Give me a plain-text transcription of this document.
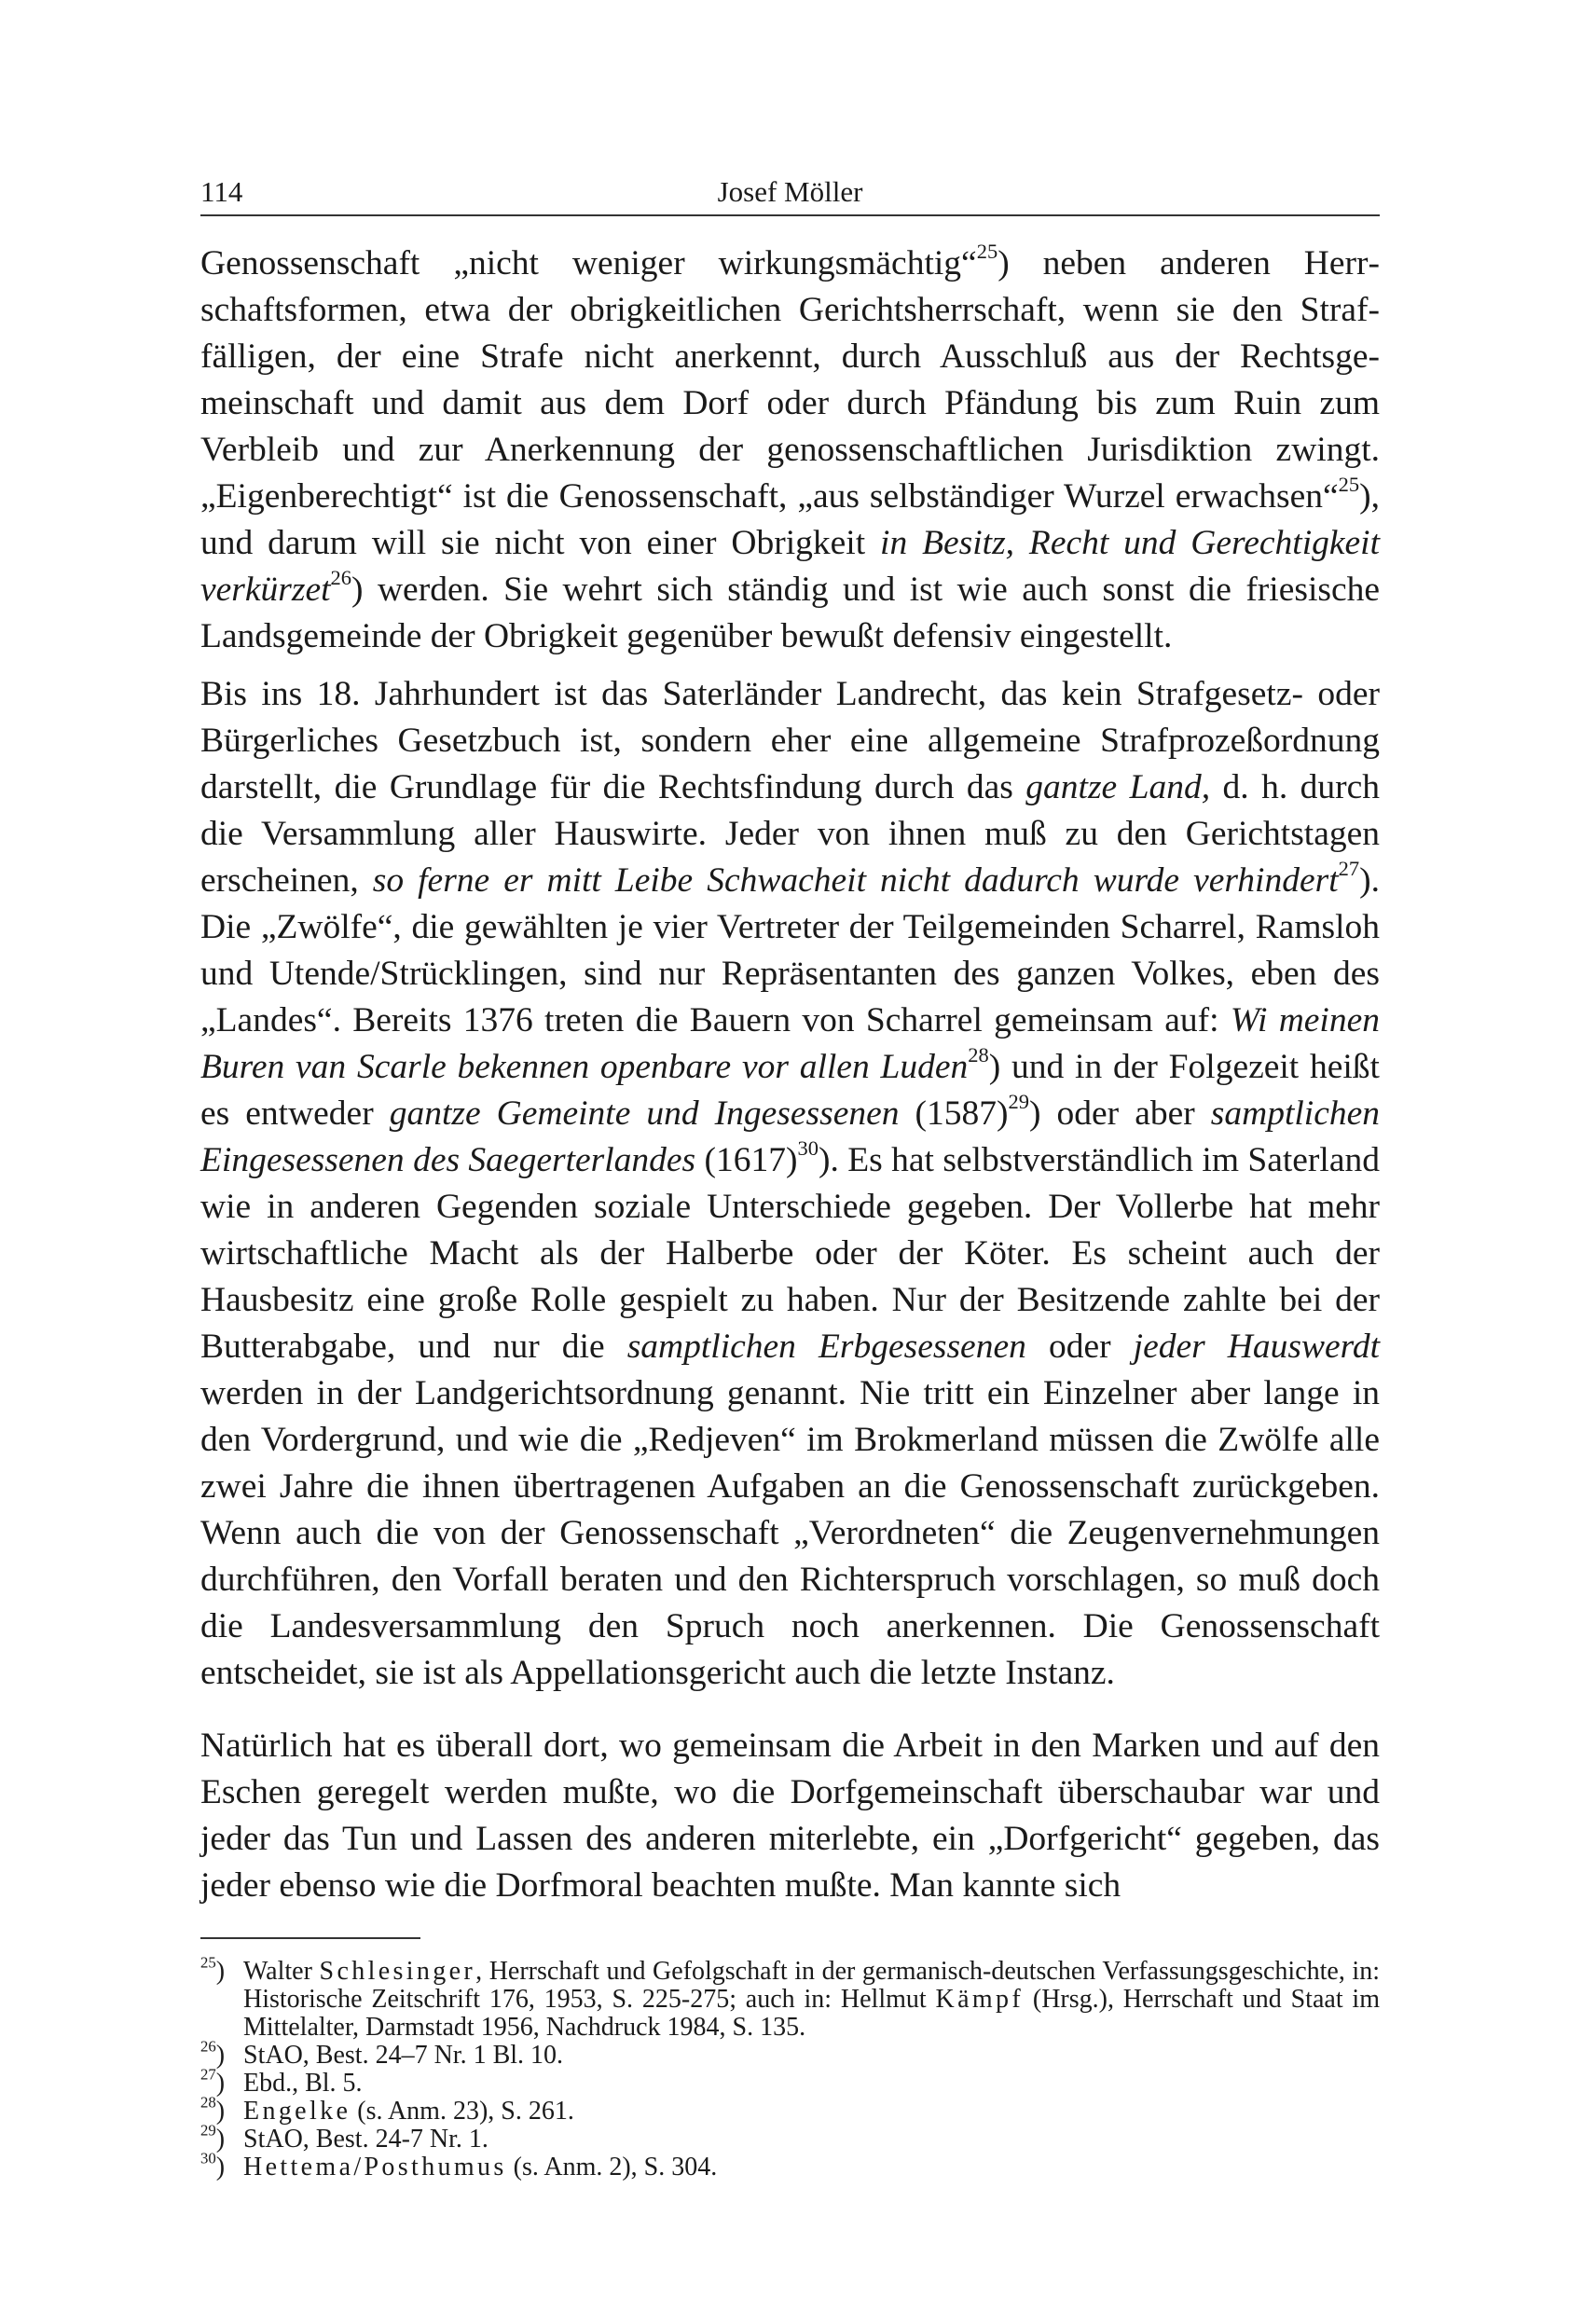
114	Josef Möller

Genossenschaft „nicht weniger wirkungsmächtig“$^{25}$) neben anderen Herrschaftsformen, etwa der obrigkeitlichen Gerichtsherrschaft, wenn sie den Straffälligen, der eine Strafe nicht anerkennt, durch Ausschluß aus der Rechtsgemeinschaft und damit aus dem Dorf oder durch Pfändung bis zum Ruin zum Verbleib und zur Anerkennung der genossenschaftlichen Jurisdiktion zwingt. „Eigenberechtigt“ ist die Genossenschaft, „aus selbständiger Wurzel erwachsen“$^{25}$), und darum will sie nicht von einer Obrigkeit in Besitz, Recht und Gerechtigkeit verkürzet$^{26}$) werden. Sie wehrt sich ständig und ist wie auch sonst die friesische Landsgemeinde der Obrigkeit gegenüber bewußt defensiv eingestellt.

Bis ins 18. Jahrhundert ist das Saterländer Landrecht, das kein Strafgesetz- oder Bürgerliches Gesetzbuch ist, sondern eher eine allgemeine Strafprozeßordnung darstellt, die Grundlage für die Rechtsfindung durch das gantze Land, d. h. durch die Versammlung aller Hauswirte. Jeder von ihnen muß zu den Gerichtstagen erscheinen, so ferne er mitt Leibe Schwacheit nicht dadurch wurde verhindert$^{27}$). Die „Zwölfe“, die gewählten je vier Vertreter der Teilgemeinden Scharrel, Ramsloh und Utende/Strücklingen, sind nur Repräsentanten des ganzen Volkes, eben des „Landes“. Bereits 1376 treten die Bauern von Scharrel gemeinsam auf: Wi meinen Buren van Scarle bekennen openbare vor allen Luden$^{28}$) und in der Folgezeit heißt es entweder gantze Gemeinte und Ingesessenen $(1587)^{29}$) oder aber samptlichen Eingesessenen des Saegerterlandes $(1617)^{30}$). Es hat selbstverständlich im Saterland wie in anderen Gegenden soziale Unterschiede gegeben. Der Vollerbe hat mehr wirtschaftliche Macht als der Halberbe oder der Köter. Es scheint auch der Hausbesitz eine große Rolle gespielt zu haben. Nur der Besitzende zahlte bei der Butterabgabe, und nur die samptlichen Erbgesessenen oder jeder Hauswerdt werden in der Landgerichtsordnung genannt. Nie tritt ein Einzelner aber lange in den Vordergrund, und wie die „Redjeven“ im Brokmerland müssen die Zwölfe alle zwei Jahre die ihnen übertragenen Aufgaben an die Genossenschaft zurückgeben. Wenn auch die von der Genossenschaft „Verordneten“ die Zeugenvernehmungen durchführen, den Vorfall beraten und den Richterspruch vorschlagen, so muß doch die Landesversammlung den Spruch noch anerkennen. Die Genossenschaft entscheidet, sie ist als Appellationsgericht auch die letzte Instanz.

Natürlich hat es überall dort, wo gemeinsam die Arbeit in den Marken und auf den Eschen geregelt werden mußte, wo die Dorfgemeinschaft überschaubar war und jeder das Tun und Lassen des anderen miterlebte, ein „Dorfgericht“ gegeben, das jeder ebenso wie die Dorfmoral beachten mußte. Man kannte sich

$^{25}$) Walter Schlesinger, Herrschaft und Gefolgschaft in der germanisch-deutschen Verfassungsgeschichte, in: Historische Zeitschrift 176, 1953, S. 225-275; auch in: Hellmut Kämpf (Hrsg.), Herrschaft und Staat im Mittelalter, Darmstadt 1956, Nachdruck 1984, S. 135.
$^{26}$) StAO, Best. 24–7 Nr. 1 Bl. 10.
$^{27}$) Ebd., Bl. 5.
$^{28}$) Engelke (s. Anm. 23), S. 261.
$^{29}$) StAO, Best. 24-7 Nr. 1.
$^{30}$) Hettema/Posthumus (s. Anm. 2), S. 304.
